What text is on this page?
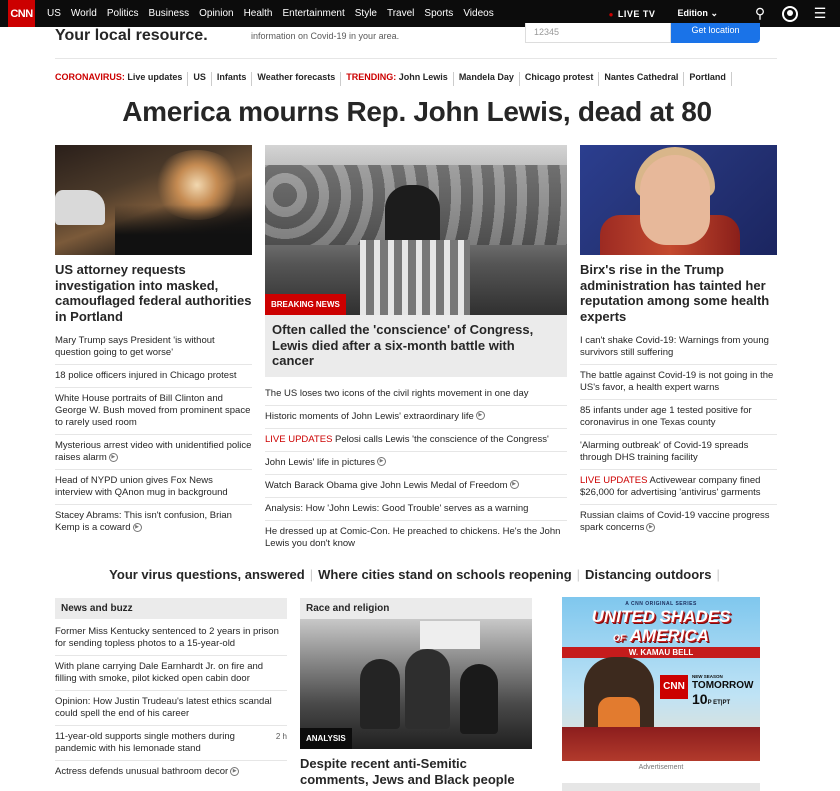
CNN US World Politics Business Opinion Health Entertainment Style Travel Sports Videos	● LIVE TV Edition ⌄	⚲	☰
Your local resource.	information on Covid-19 in your area.	12345	Get location
CORONAVIRUS: Live updates	US	Infants	Weather forecasts	TRENDING: John Lewis	Mandela Day	Chicago protest	Nantes Cathedral	Portland
America mourns Rep. John Lewis, dead at 80
US attorney requests investigation into masked, camouflaged federal authorities in Portland
Mary Trump says President 'is without question going to get worse'
18 police officers injured in Chicago protest
White House portraits of Bill Clinton and George W. Bush moved from prominent space to rarely used room
Mysterious arrest video with unidentified police raises alarm ▶
Head of NYPD union gives Fox News interview with QAnon mug in background
Stacey Abrams: This isn't confusion, Brian Kemp is a coward ▶
BREAKING NEWS
Often called the 'conscience' of Congress, Lewis died after a six-month battle with cancer
The US loses two icons of the civil rights movement in one day
Historic moments of John Lewis' extraordinary life ▶
LIVE UPDATES Pelosi calls Lewis 'the conscience of the Congress'
John Lewis' life in pictures ▶
Watch Barack Obama give John Lewis Medal of Freedom ▶
Analysis: How 'John Lewis: Good Trouble' serves as a warning
He dressed up at Comic-Con. He preached to chickens. He's the John Lewis you don't know
Birx's rise in the Trump administration has tainted her reputation among some health experts
I can't shake Covid-19: Warnings from young survivors still suffering
The battle against Covid-19 is not going in the US's favor, a health expert warns
85 infants under age 1 tested positive for coronavirus in one Texas county
'Alarming outbreak' of Covid-19 spreads through DHS training facility
LIVE UPDATES Activewear company fined $26,000 for advertising 'antivirus' garments
Russian claims of Covid-19 vaccine progress spark concerns ▶
Your virus questions, answered | Where cities stand on schools reopening | Distancing outdoors |
News and buzz
Former Miss Kentucky sentenced to 2 years in prison for sending topless photos to a 15-year-old
With plane carrying Dale Earnhardt Jr. on fire and filling with smoke, pilot kicked open cabin door
Opinion: How Justin Trudeau's latest ethics scandal could spell the end of his career
2 h
11-year-old supports single mothers during pandemic with his lemonade stand
Actress defends unusual bathroom decor ▶
Race and religion
ANALYSIS
Despite recent anti-Semitic comments, Jews and Black people
A CNN ORIGINAL SERIES
UNITED SHADES
OF AMERICA
W. KAMAU BELL
CNN
NEW SEASON
TOMORROW
10P ET|PT
Advertisement
